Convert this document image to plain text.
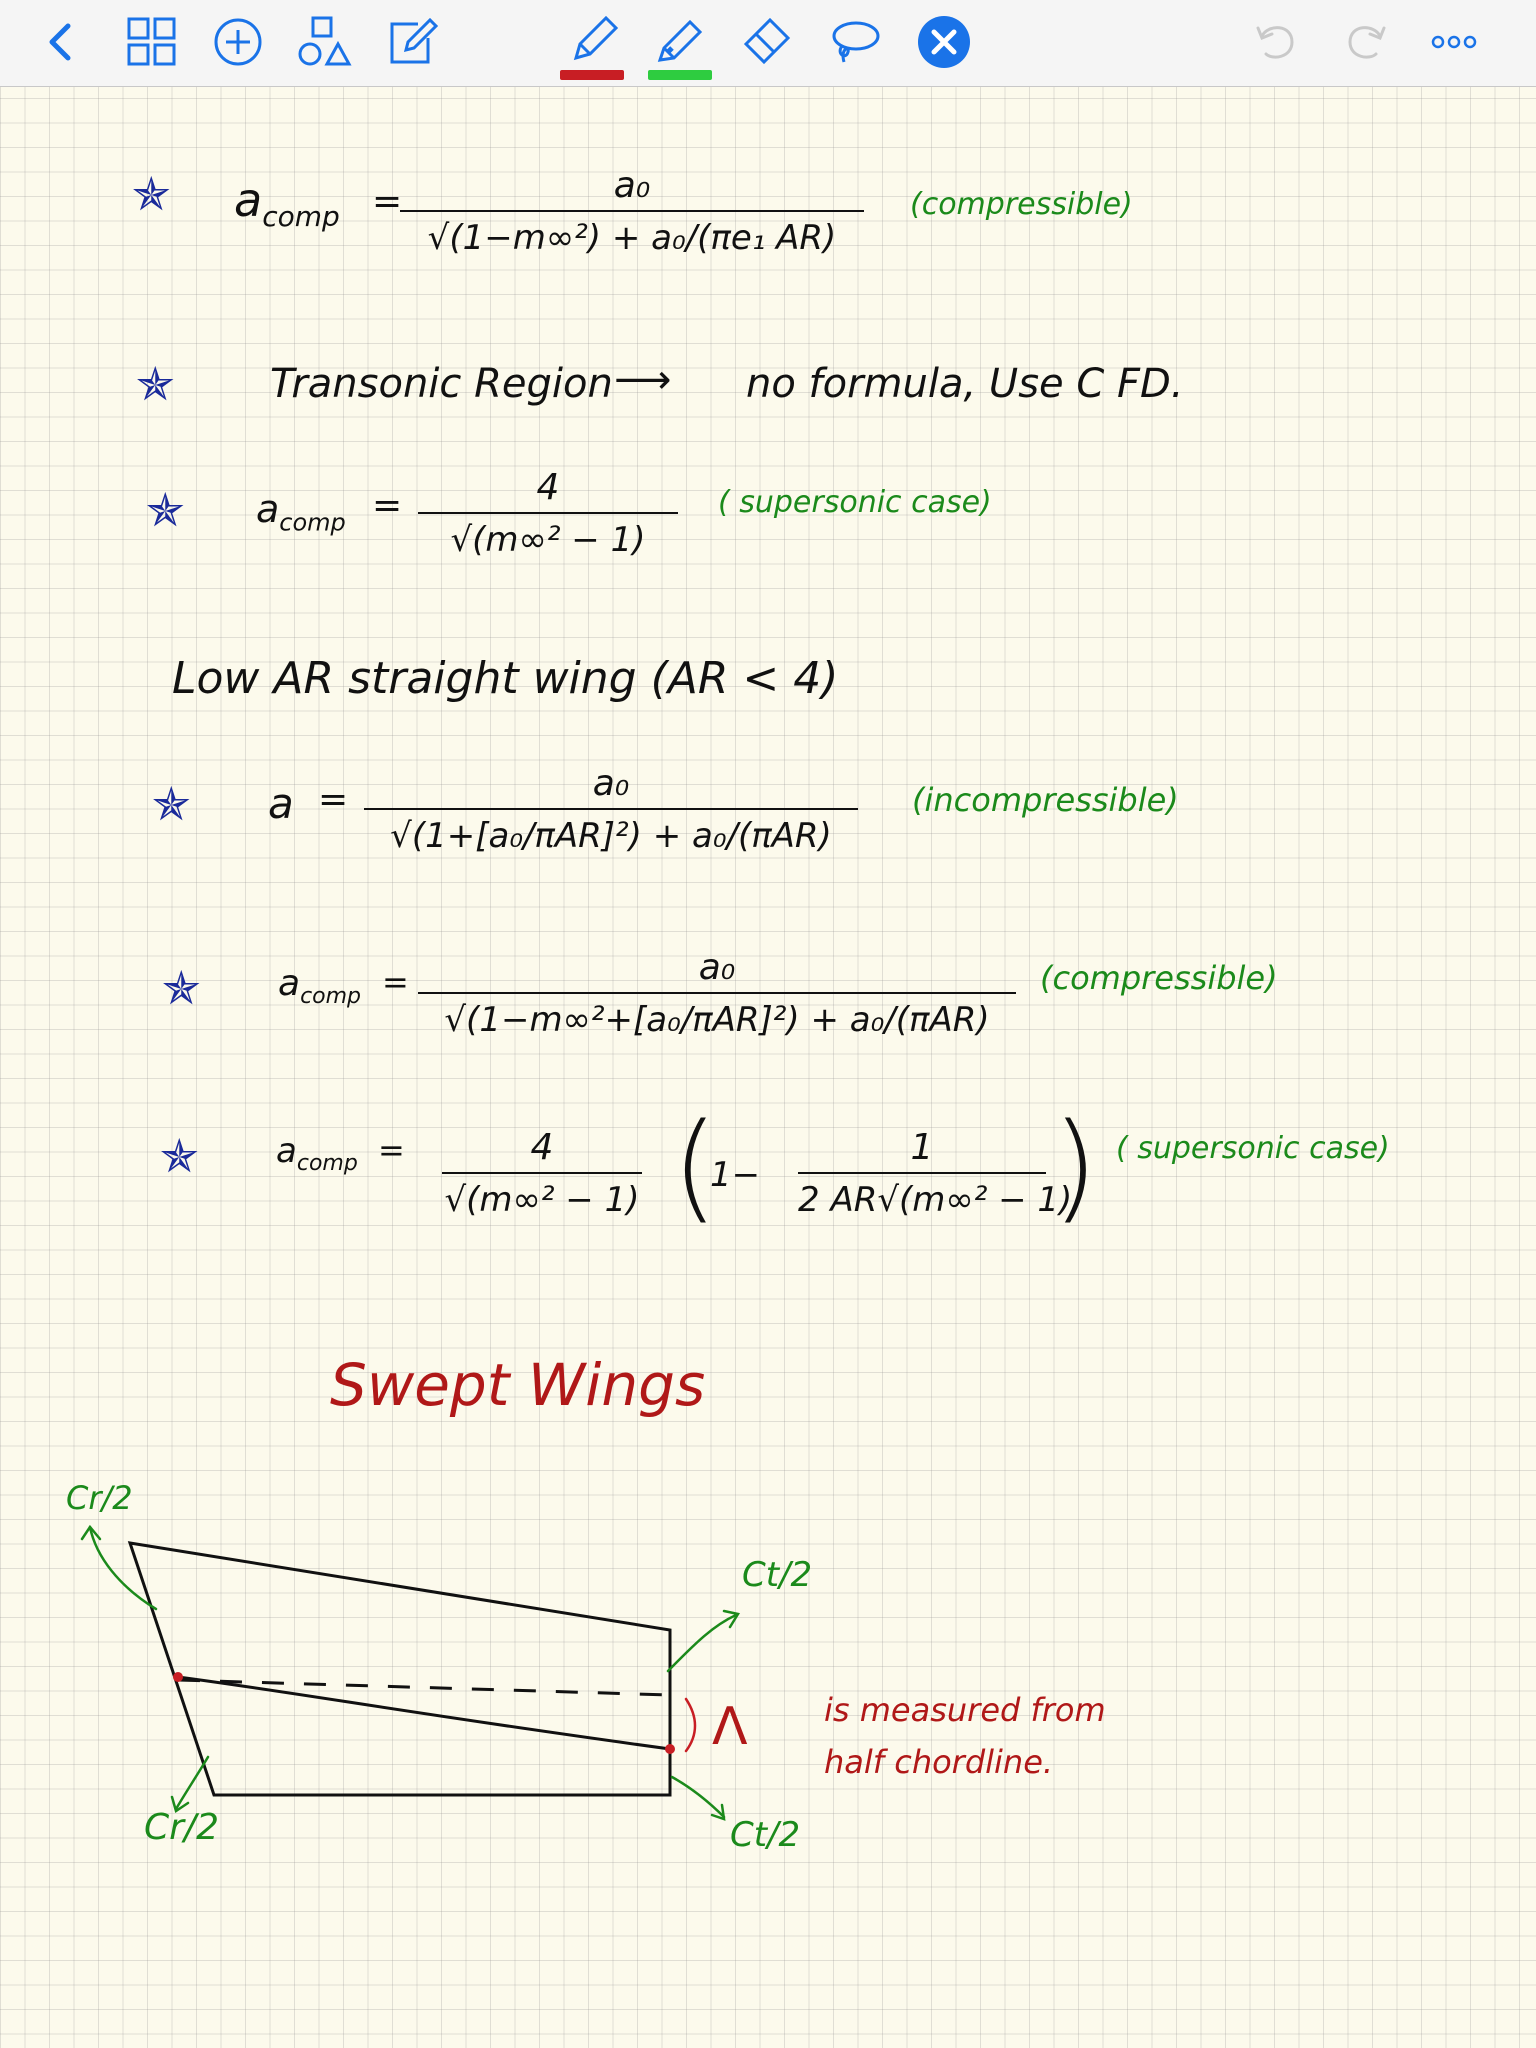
✯ $a_{comp}$ =
$\frac{\text{a₀}}{\text{√(1−m∞²) + a₀/(πe₁ AR)}}$ (compressible)
✯ Transonic Region ⟶ no formula, Use C FD.
✯ $a_{comp} = \frac{4}{\text{√(m∞² − 1)}}$ ( supersonic case)
Low AR straight wing (AR < 4)
✯ a =	a₀
√(1+[a₀/πAR]²) + a₀/(πAR)
(incompressible)
✯ $a_{comp}$ =	a₀
√(1−m∞²+[a₀/πAR]²) + a₀/(πAR)
(compressible)
✯ $a_{comp} = \frac{4}{\text{√(m∞² − 1)}}$ (
$1- \frac{1}{\text{2 AR√(m∞² − 1)}}$ ) ( supersonic case)
Swept Wings
Cr/2
Cr/2
Ct/2
Ct/2
Λ is measured from
half chordline.
